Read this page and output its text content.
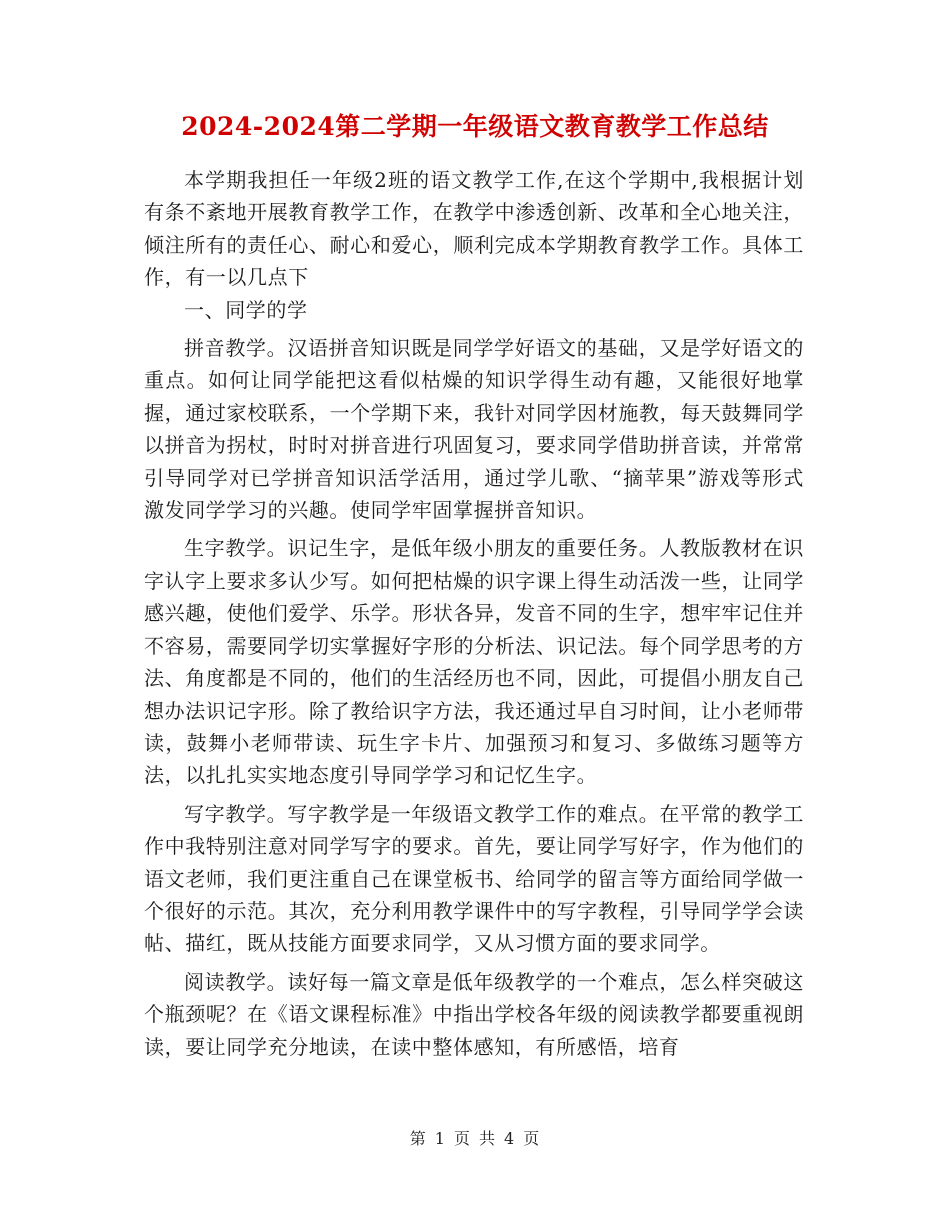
2024-2024第二学期一年级语文教育教学工作总结

本学期我担任一年级2班的语文教学工作,在这个学期中,我根据计划有条不紊地开展教育教学工作，在教学中渗透创新、改革和全心地关注，倾注所有的责任心、耐心和爱心，顺利完成本学期教育教学工作。具体工作，有一以几点下

一、同学的学

拼音教学。汉语拼音知识既是同学学好语文的基础，又是学好语文的重点。如何让同学能把这看似枯燥的知识学得生动有趣，又能很好地掌握，通过家校联系，一个学期下来，我针对同学因材施教，每天鼓舞同学以拼音为拐杖，时时对拼音进行巩固复习，要求同学借助拼音读，并常常引导同学对已学拼音知识活学活用，通过学儿歌、“摘苹果”游戏等形式激发同学学习的兴趣。使同学牢固掌握拼音知识。

生字教学。识记生字，是低年级小朋友的重要任务。人教版教材在识字认字上要求多认少写。如何把枯燥的识字课上得生动活泼一些，让同学感兴趣，使他们爱学、乐学。形状各异，发音不同的生字，想牢牢记住并不容易，需要同学切实掌握好字形的分析法、识记法。每个同学思考的方法、角度都是不同的，他们的生活经历也不同，因此，可提倡小朋友自己想办法识记字形。除了教给识字方法，我还通过早自习时间，让小老师带读，鼓舞小老师带读、玩生字卡片、加强预习和复习、多做练习题等方法，以扎扎实实地态度引导同学学习和记忆生字。

写字教学。写字教学是一年级语文教学工作的难点。在平常的教学工作中我特别注意对同学写字的要求。首先，要让同学写好字，作为他们的语文老师，我们更注重自己在课堂板书、给同学的留言等方面给同学做一个很好的示范。其次，充分利用教学课件中的写字教程，引导同学学会读帖、描红，既从技能方面要求同学，又从习惯方面的要求同学。

阅读教学。读好每一篇文章是低年级教学的一个难点，怎么样突破这个瓶颈呢？在《语文课程标准》中指出学校各年级的阅读教学都要重视朗读，要让同学充分地读，在读中整体感知，有所感悟，培育

第 1 页 共 4 页
